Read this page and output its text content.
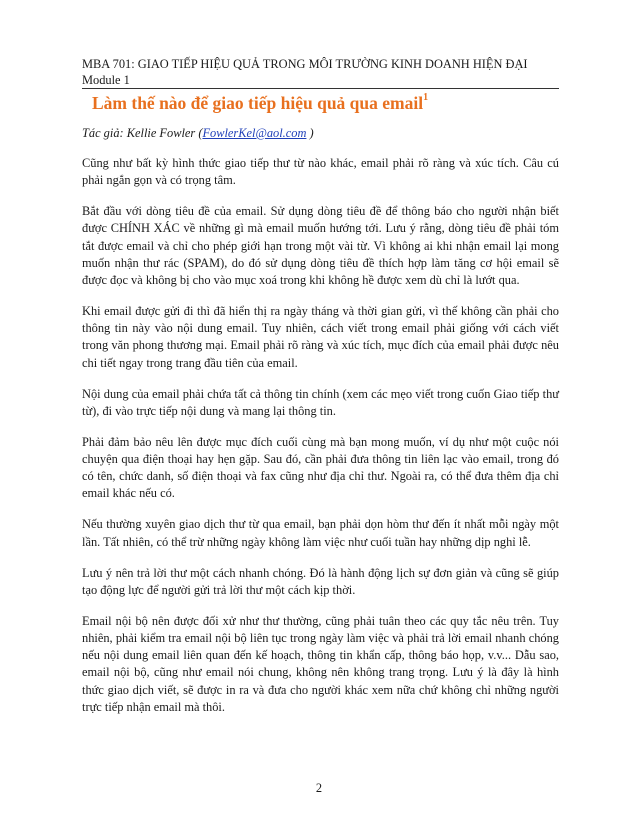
MBA 701: GIAO TIẾP HIỆU QUẢ TRONG MÔI TRƯỜNG KINH DOANH HIỆN ĐẠI
Module 1
Làm thế nào để giao tiếp hiệu quả qua email$^1$
Tác giả: Kellie Fowler (FowlerKel@aol.com )

Cũng như bất kỳ hình thức giao tiếp thư từ nào khác, email phải rõ ràng và xúc tích. Câu cú phải ngắn gọn và có trọng tâm.

Bắt đầu với dòng tiêu đề của email. Sử dụng dòng tiêu đề để thông báo cho người nhận biết được CHÍNH XÁC về những gì mà email muốn hướng tới. Lưu ý rằng, dòng tiêu đề phải tóm tắt được email và chỉ cho phép giới hạn trong một vài từ. Vì không ai khi nhận email lại mong muốn nhận thư rác (SPAM), do đó sử dụng dòng tiêu đề thích hợp làm tăng cơ hội email sẽ được đọc và không bị cho vào mục xoá trong khi không hề được xem dù chỉ là lướt qua.

Khi email được gửi đi thì đã hiển thị ra ngày tháng và thời gian gửi, vì thế không cần phải cho thông tin này vào nội dung email. Tuy nhiên, cách viết trong email phải giống với cách viết trong văn phong thương mại. Email phải rõ ràng và xúc tích, mục đích của email phải được nêu chi tiết ngay trong trang đầu tiên của email.

Nội dung của email phải chứa tất cả thông tin chính (xem các mẹo viết trong cuốn Giao tiếp thư từ), đi vào trực tiếp nội dung và mang lại thông tin.

Phải đảm bảo nêu lên được mục đích cuối cùng mà bạn mong muốn, ví dụ như một cuộc nói chuyện qua điện thoại hay hẹn gặp. Sau đó, cần phải đưa thông tin liên lạc vào email, trong đó có tên, chức danh, số điện thoại và fax cũng như địa chỉ thư. Ngoài ra, có thể đưa thêm địa chỉ email khác nếu có.

Nếu thường xuyên giao dịch thư từ qua email, bạn phải dọn hòm thư đến ít nhất mỗi ngày một lần. Tất nhiên, có thể trừ những ngày không làm việc như cuối tuần hay những dịp nghỉ lễ.

Lưu ý nên trả lời thư một cách nhanh chóng. Đó là hành động lịch sự đơn giản và cũng sẽ giúp tạo động lực để người gửi trả lời thư một cách kịp thời.

Email nội bộ nên được đối xử như thư thường, cũng phải tuân theo các quy tắc nêu trên. Tuy nhiên, phải kiểm tra email nội bộ liên tục trong ngày làm việc và phải trả lời email nhanh chóng nếu nội dung email liên quan đến kế hoạch, thông tin khẩn cấp, thông báo họp, v.v... Dẫu sao, email nội bộ, cũng như email nói chung, không nên không trang trọng. Lưu ý là đây là hình thức giao dịch viết, sẽ được in ra và đưa cho người khác xem nữa chứ không chỉ những người trực tiếp nhận email mà thôi.

2
